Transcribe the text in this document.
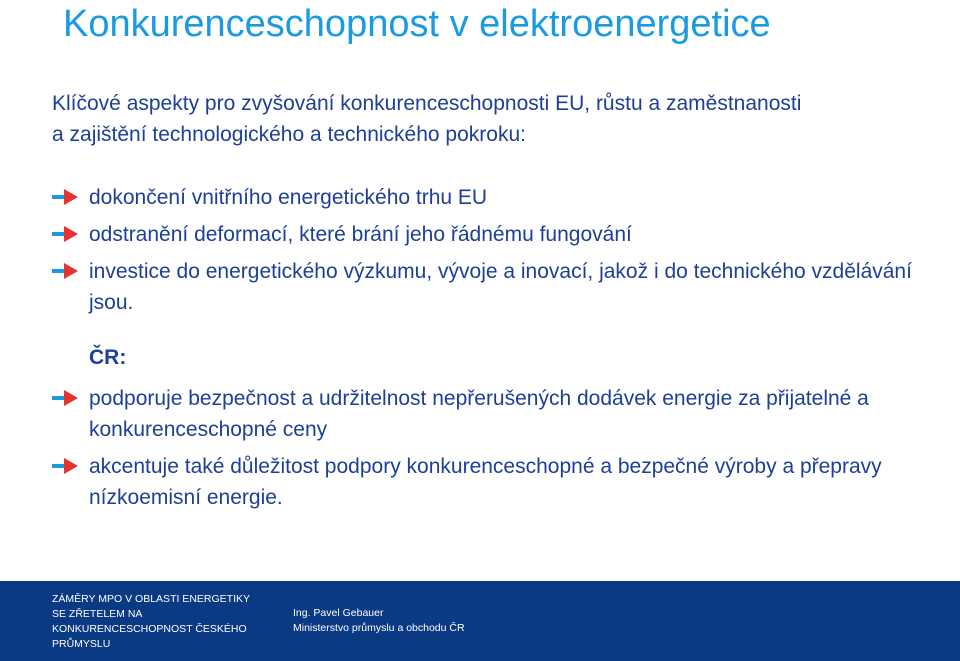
Konkurenceschopnost v elektroenergetice
Klíčové aspekty pro zvyšování konkurenceschopnosti EU, růstu a zaměstnanosti
a zajištění technologického a technického pokroku:
dokončení vnitřního energetického trhu EU
odstranění deformací, které brání jeho řádnému fungování
investice do energetického výzkumu, vývoje a inovací, jakož i do technického vzdělávání jsou.
ČR:
podporuje bezpečnost a udržitelnost nepřerušených dodávek energie za přijatelné a konkurenceschopné ceny
akcentuje také důležitost podpory konkurenceschopné a bezpečné výroby a přepravy nízkoemisní energie.
ZÁMĚRY MPO V OBLASTI ENERGETIKY
SE ZŘETELEM NA
KONKURENCESCHOPNOST ČESKÉHO
PRŮMYSLU
Ing. Pavel Gebauer
Ministerstvo průmyslu a obchodu ČR
